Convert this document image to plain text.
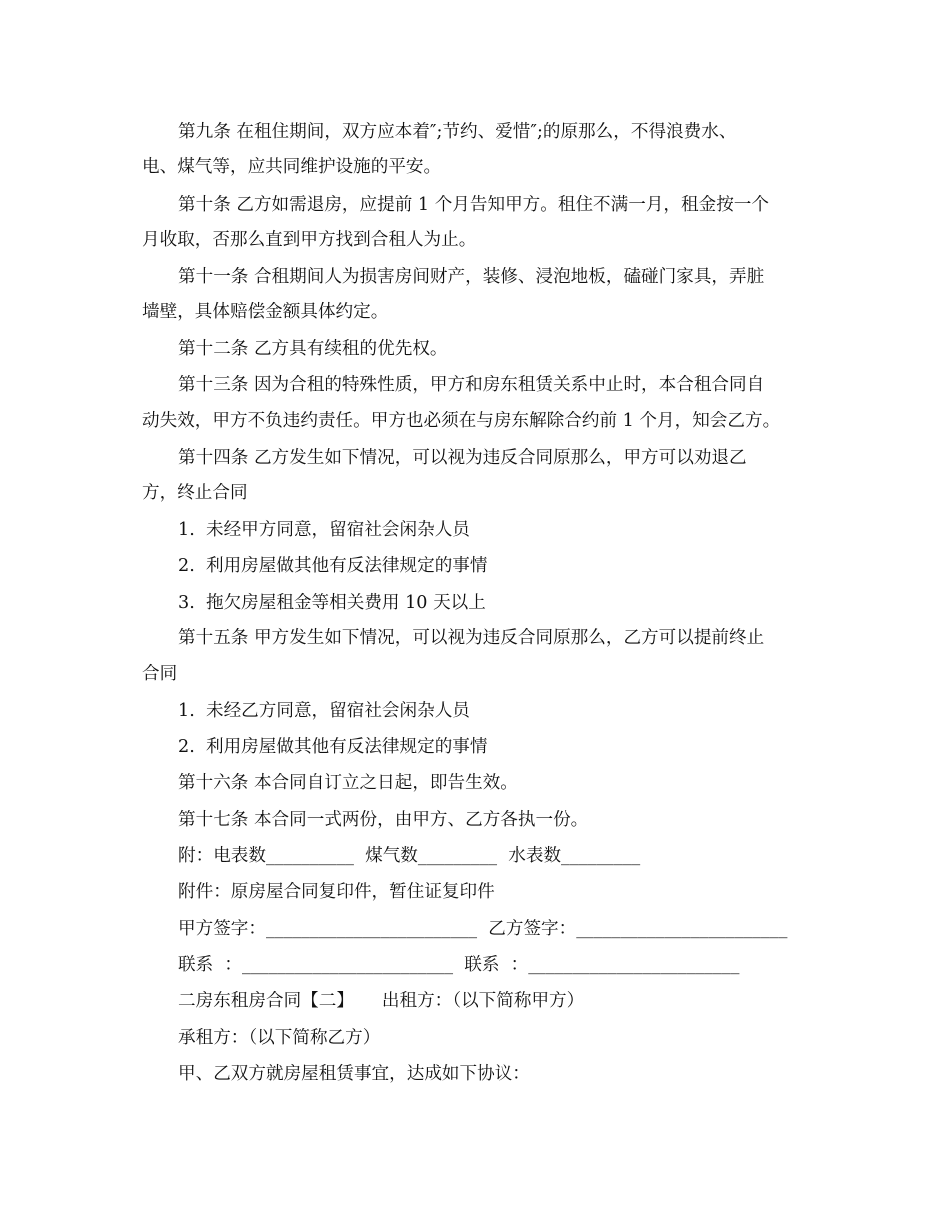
第九条 在租住期间，双方应本着″;节约、爱惜″;的原那么，不得浪费水、
电、煤气等，应共同维护设施的平安。
第十条 乙方如需退房，应提前 1 个月告知甲方。租住不满一月，租金按一个
月收取，否那么直到甲方找到合租人为止。
第十一条 合租期间人为损害房间财产，装修、浸泡地板，磕碰门家具，弄脏
墙壁，具体赔偿金额具体约定。
第十二条 乙方具有续租的优先权。
第十三条 因为合租的特殊性质，甲方和房东租赁关系中止时，本合租合同自
动失效，甲方不负违约责任。甲方也必须在与房东解除合约前 1 个月，知会乙方。
第十四条 乙方发生如下情况，可以视为违反合同原那么，甲方可以劝退乙
方，终止合同
1.  未经甲方同意，留宿社会闲杂人员
2.  利用房屋做其他有反法律规定的事情
3.  拖欠房屋租金等相关费用 10 天以上
第十五条 甲方发生如下情况，可以视为违反合同原那么，乙方可以提前终止
合同
1.  未经乙方同意，留宿社会闲杂人员
2.  利用房屋做其他有反法律规定的事情
第十六条 本合同自订立之日起，即告生效。
第十七条 本合同一式两份，由甲方、乙方各执一份。
附：电表数__________  煤气数_________  水表数_________
附件：原房屋合同复印件，暂住证复印件
甲方签字：________________________  乙方签字：________________________
联系  ：________________________  联系  ：________________________
二房东租房合同【二】     出租方：（以下简称甲方）
承租方：（以下简称乙方）
甲、乙双方就房屋租赁事宜，达成如下协议：
